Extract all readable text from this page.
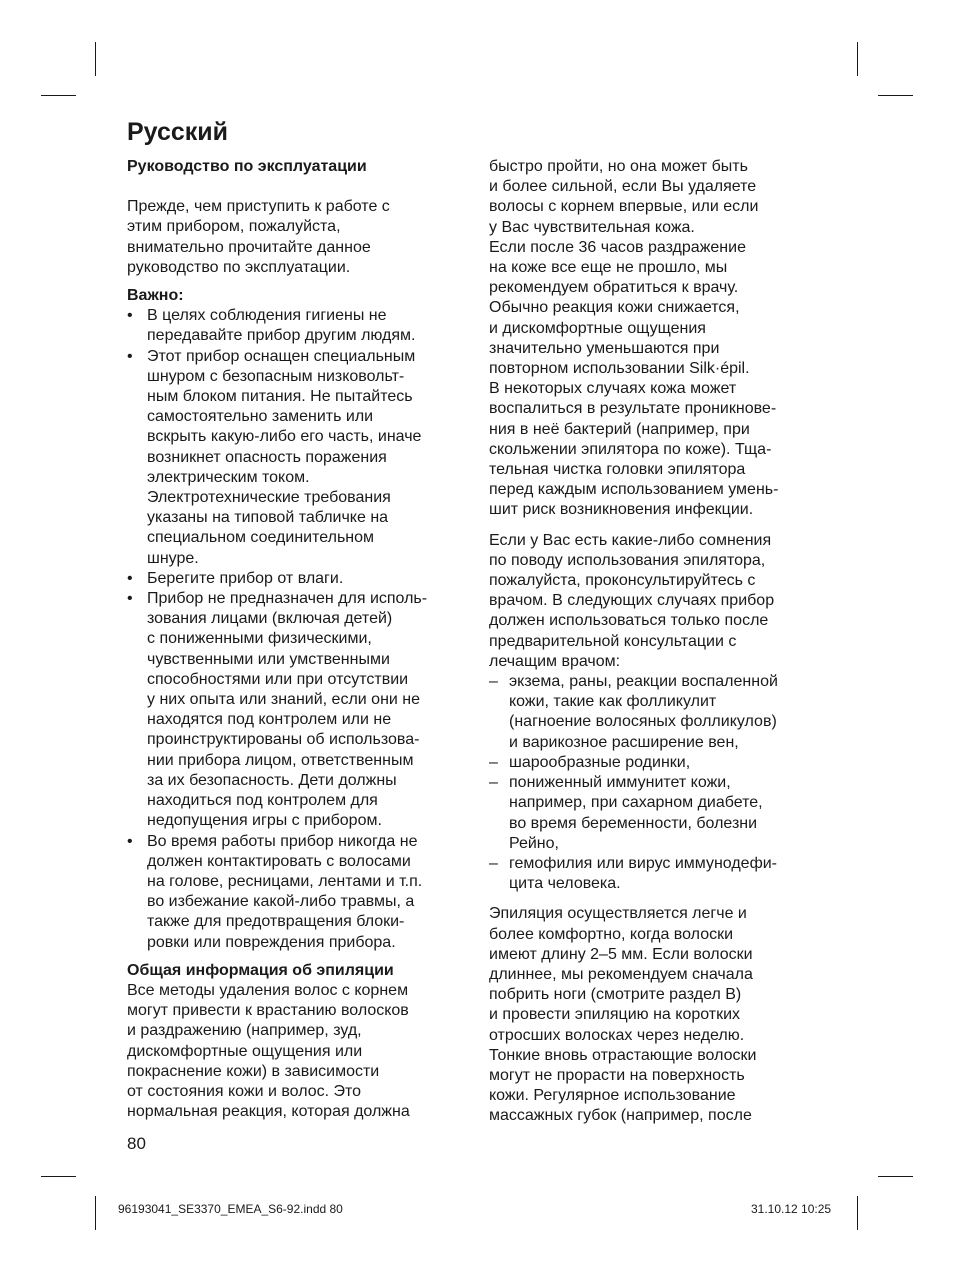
Русский
Руководство по эксплуатации
Прежде, чем приступить к работе с
этим прибором, пожалуйста,
внимательно прочитайте данное
руководство по эксплуатации.
Важно:
• В целях соблюдения гигиены не
передавайте прибор другим людям.
• Этот прибор оснащен специальным
шнуром с безопасным низковольт-
ным блоком питания. Не пытайтесь
самостоятельно заменить или
вскрыть какую-либо его часть, иначе
возникнет опасность поражения
электрическим током.
Электротехнические требования
указаны на типовой табличке на
специальном соединительном
шнуре.
• Берегите прибор от влаги.
• Прибор не предназначен для исполь-
зования лицами (включая детей)
с пониженными физическими,
чувственными или умственными
способностями или при отсутствии
у них опыта или знаний, если они не
находятся под контролем или не
проинструктированы об использова-
нии прибора лицом, ответственным
за их безопасность. Дети должны
находиться под контролем для
недопущения игры с прибором.
• Во время работы прибор никогда не
должен контактировать с волосами
на голове, ресницами, лентами и т.п.
во избежание какой-либо травмы, а
также для предотвращения блоки-
ровки или повреждения прибора.
Общая информация об эпиляции
Все методы удаления волос с корнем
могут привести к врастанию волосков
и раздражению (например, зуд,
дискомфортные ощущения или
покраснение кожи) в зависимости
от состояния кожи и волос. Это
нормальная реакция, которая должна
быстро пройти, но она может быть
и более сильной, если Вы удаляете
волосы с корнем впервые, или если
у Вас чувствительная кожа.
Если после 36 часов раздражение
на коже все еще не прошло, мы
рекомендуем обратиться к врачу.
Обычно реакция кожи снижается,
и дискомфортные ощущения
значительно уменьшаются при
повторном использовании Silk·épil.
В некоторых случаях кожа может
воспалиться в результате проникнове-
ния в неё бактерий (например, при
скольжении эпилятора по коже). Тща-
тельная чистка головки эпилятора
перед каждым использованием умень-
шит риск возникновения инфекции.
Если у Вас есть какие-либо сомнения
по поводу использования эпилятора,
пожалуйста, проконсультируйтесь с
врачом. В следующих случаях прибор
должен использоваться только после
предварительной консультации с
лечащим врачом:
– экзема, раны, реакции воспаленной
кожи, такие как фолликулит
(нагноение волосяных фолликулов)
и варикозное расширение вен,
– шарообразные родинки,
– пониженный иммунитет кожи,
например, при сахарном диабете,
во время беременности, болезни
Рейно,
– гемофилия или вирус иммунодефи-
цита человека.
Эпиляция осуществляется легче и
более комфортно, когда волоски
имеют длину 2–5 мм. Если волоски
длиннее, мы рекомендуем сначала
побрить ноги (смотрите раздел B)
и провести эпиляцию на коротких
отросших волосках через неделю.
Тонкие вновь отрастающие волоски
могут не прорасти на поверхность
кожи. Регулярное использование
массажных губок (например, после
80
96193041_SE3370_EMEA_S6-92.indd 80	31.10.12 10:25
